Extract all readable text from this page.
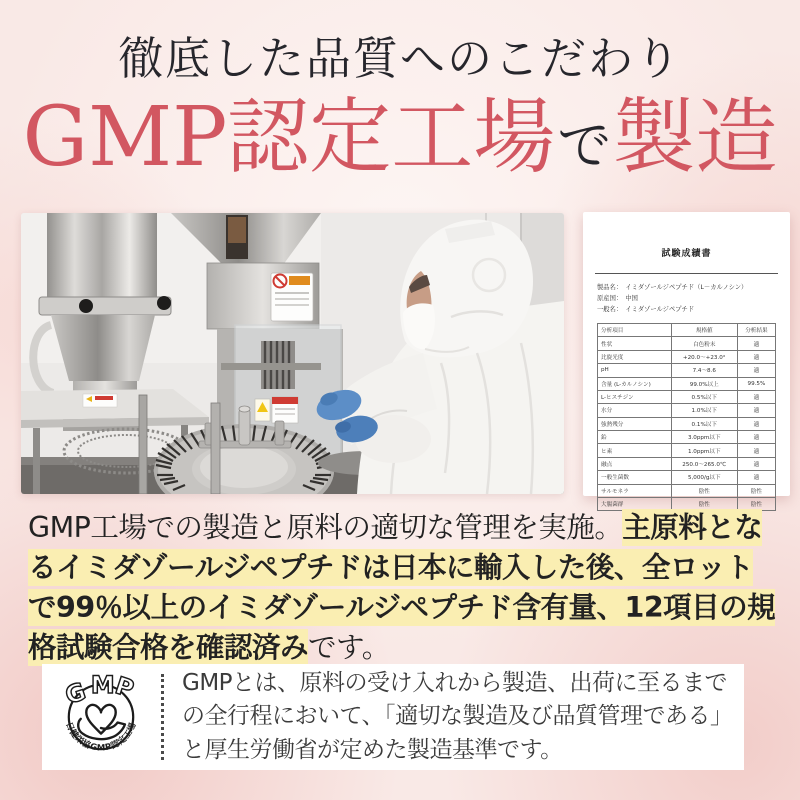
徹底した品質へのこだわり
GMP認定工場 で 製造
試験成績書
製品名：　イミダゾールジペプチド（L－カルノシン）
原産国：　中国
一般名：　イミダゾールジペプチド
分析項目	規格値	分析結果
性状	白色粉末	適
比旋光度	+20.0～+23.0°	適
pH	7.4～8.6	適
含量 (L-カルノシン)	99.0%以上	99.5%
L-ヒスチジン	0.5%以下	適
水分	1.0%以下	適
強熱残分	0.1%以下	適
鉛	3.0ppm以下	適
ヒ素	1.0ppm以下	適
融点	250.0～265.0℃	適
一般生菌数	5,000/g以下	適
サルモネラ	陰性	陰性
大腸菌群	陰性	陰性
GMP工場での製造と原料の適切な管理を実施。主原料となるイミダゾールジペプチドは日本に輸入した後、全ロットで99％以上のイミダゾールジペプチド含有量、12項目の規格試験合格を確認済みです。
G M
P
日健栄協GMP認定工場
GMPとは、原料の受け入れから製造、出荷に至るまでの全行程において、「適切な製造及び品質管理である」と厚生労働省が定めた製造基準です。
